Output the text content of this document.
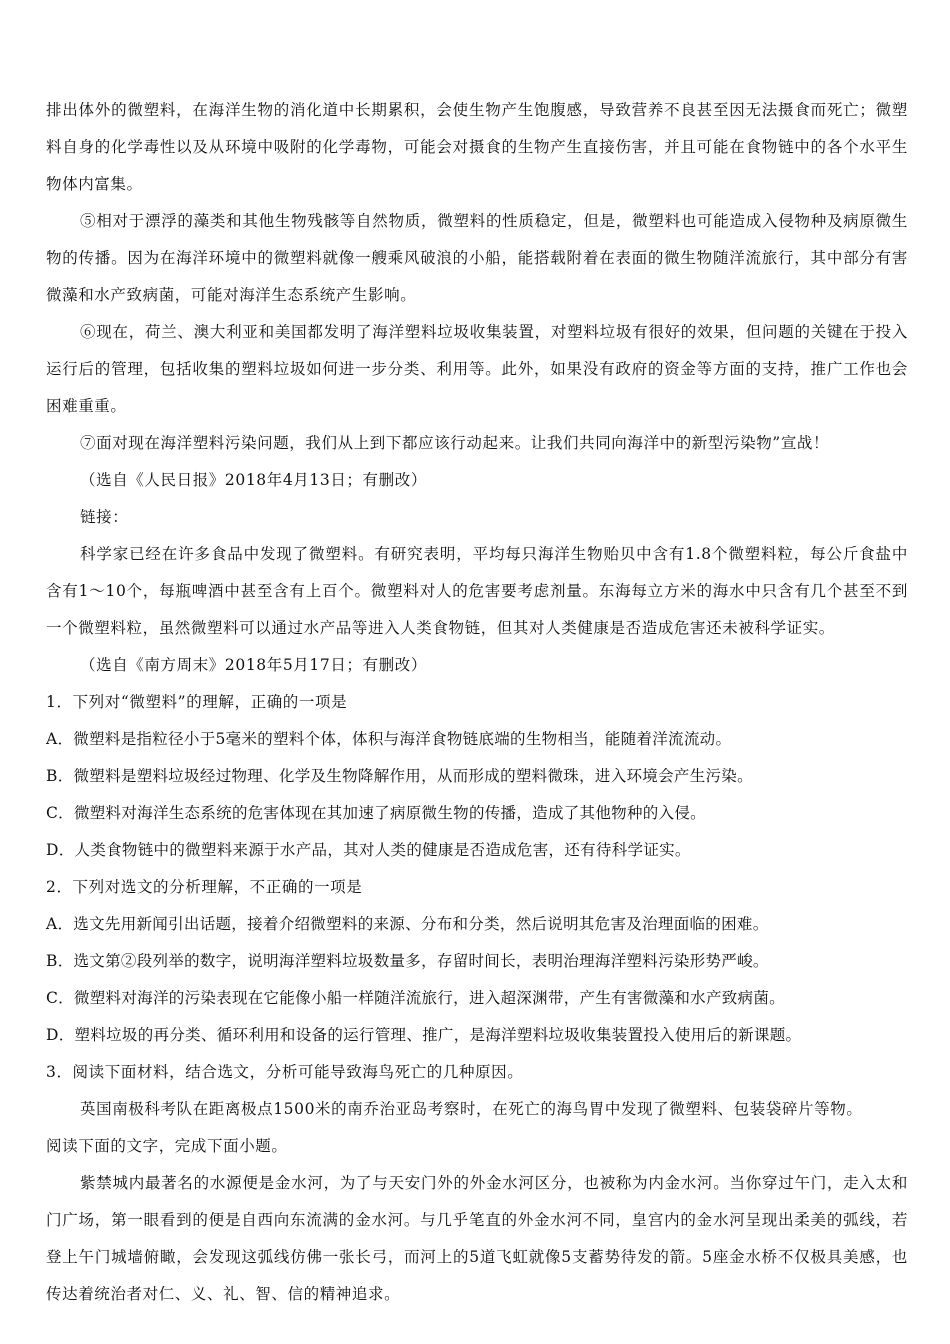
排出体外的微塑料，在海洋生物的消化道中长期累积，会使生物产生饱腹感，导致营养不良甚至因无法摄食而死亡；微塑料自身的化学毒性以及从环境中吸附的化学毒物，可能会对摄食的生物产生直接伤害，并且可能在食物链中的各个水平生物体内富集。

⑤相对于漂浮的藻类和其他生物残骸等自然物质，微塑料的性质稳定，但是，微塑料也可能造成入侵物种及病原微生物的传播。因为在海洋环境中的微塑料就像一艘乘风破浪的小船，能搭载附着在表面的微生物随洋流旅行，其中部分有害微藻和水产致病菌，可能对海洋生态系统产生影响。

⑥现在，荷兰、澳大利亚和美国都发明了海洋塑料垃圾收集装置，对塑料垃圾有很好的效果，但问题的关键在于投入运行后的管理，包括收集的塑料垃圾如何进一步分类、利用等。此外，如果没有政府的资金等方面的支持，推广工作也会困难重重。

⑦面对现在海洋塑料污染问题，我们从上到下都应该行动起来。让我们共同向海洋中的新型污染物”宣战！

（选自《人民日报》2018年4月13日；有删改）

链接：

科学家已经在许多食品中发现了微塑料。有研究表明，平均每只海洋生物贻贝中含有1.8个微塑料粒，每公斤食盐中含有1～10个，每瓶啤酒中甚至含有上百个。微塑料对人的危害要考虑剂量。东海每立方米的海水中只含有几个甚至不到一个微塑料粒，虽然微塑料可以通过水产品等进入人类食物链，但其对人类健康是否造成危害还未被科学证实。

（选自《南方周末》2018年5月17日；有删改）

1．下列对“微塑料”的理解，正确的一项是

A．微塑料是指粒径小于5毫米的塑料个体，体积与海洋食物链底端的生物相当，能随着洋流流动。

B．微塑料是塑料垃圾经过物理、化学及生物降解作用，从而形成的塑料微珠，进入环境会产生污染。

C．微塑料对海洋生态系统的危害体现在其加速了病原微生物的传播，造成了其他物种的入侵。

D．人类食物链中的微塑料来源于水产品，其对人类的健康是否造成危害，还有待科学证实。

2．下列对选文的分析理解，不正确的一项是

A．选文先用新闻引出话题，接着介绍微塑料的来源、分布和分类，然后说明其危害及治理面临的困难。

B．选文第②段列举的数字，说明海洋塑料垃圾数量多，存留时间长，表明治理海洋塑料污染形势严峻。

C．微塑料对海洋的污染表现在它能像小船一样随洋流旅行，进入超深渊带，产生有害微藻和水产致病菌。

D．塑料垃圾的再分类、循环利用和设备的运行管理、推广，是海洋塑料垃圾收集装置投入使用后的新课题。

3．阅读下面材料，结合选文，分析可能导致海鸟死亡的几种原因。

英国南极科考队在距离极点1500米的南乔治亚岛考察时，在死亡的海鸟胃中发现了微塑料、包装袋碎片等物。

阅读下面的文字，完成下面小题。

紫禁城内最著名的水源便是金水河，为了与天安门外的外金水河区分，也被称为内金水河。当你穿过午门，走入太和门广场，第一眼看到的便是自西向东流满的金水河。与几乎笔直的外金水河不同，皇宫内的金水河呈现出柔美的弧线，若登上午门城墙俯瞰，会发现这弧线仿佛一张长弓，而河上的5道飞虹就像5支蓄势待发的箭。5座金水桥不仅极具美感，也传达着统治者对仁、义、礼、智、信的精神追求。
